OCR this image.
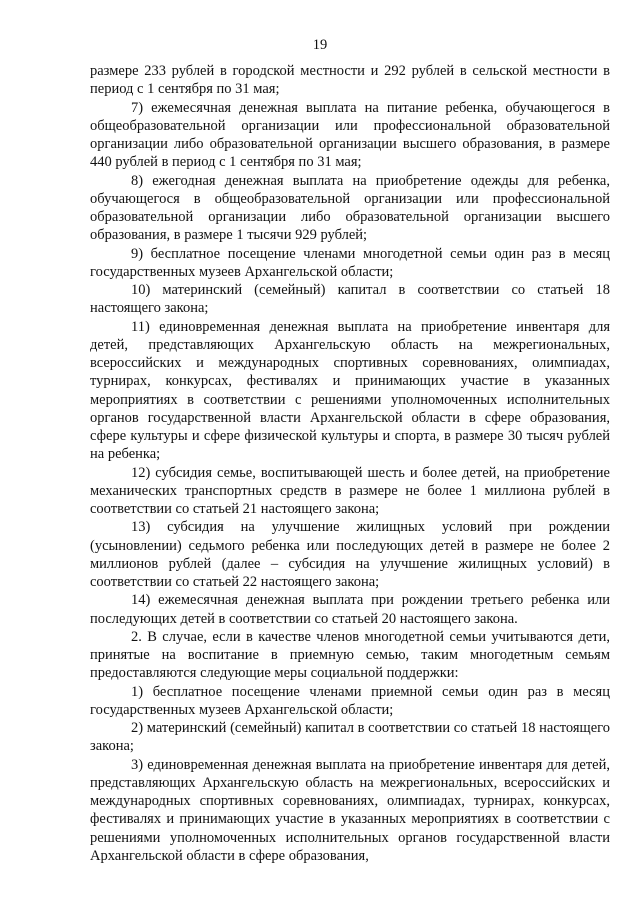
19

размере 233 рублей в городской местности и 292 рублей в сельской местности в период с 1 сентября по 31 мая;

7) ежемесячная денежная выплата на питание ребенка, обучающегося в общеобразовательной организации или профессиональной образовательной организации либо образовательной организации высшего образования, в размере 440 рублей в период с 1 сентября по 31 мая;

8) ежегодная денежная выплата на приобретение одежды для ребенка, обучающегося в общеобразовательной организации или профессиональной образовательной организации либо образовательной организации высшего образования, в размере 1 тысячи 929 рублей;

9) бесплатное посещение членами многодетной семьи один раз в месяц государственных музеев Архангельской области;

10) материнский (семейный) капитал в соответствии со статьей 18 настоящего закона;

11) единовременная денежная выплата на приобретение инвентаря для детей, представляющих Архангельскую область на межрегиональных, всероссийских и международных спортивных соревнованиях, олимпиадах, турнирах, конкурсах, фестивалях и принимающих участие в указанных мероприятиях в соответствии с решениями уполномоченных исполнительных органов государственной власти Архангельской области в сфере образования, сфере культуры и сфере физической культуры и спорта, в размере 30 тысяч рублей на ребенка;

12) субсидия семье, воспитывающей шесть и более детей, на приобретение механических транспортных средств в размере не более 1 миллиона рублей в соответствии со статьей 21 настоящего закона;

13) субсидия на улучшение жилищных условий при рождении (усыновлении) седьмого ребенка или последующих детей в размере не более 2 миллионов рублей (далее – субсидия на улучшение жилищных условий) в соответствии со статьей 22 настоящего закона;

14) ежемесячная денежная выплата при рождении третьего ребенка или последующих детей в соответствии со статьей 20 настоящего закона.

2. В случае, если в качестве членов многодетной семьи учитываются дети, принятые на воспитание в приемную семью, таким многодетным семьям предоставляются следующие меры социальной поддержки:

1) бесплатное посещение членами приемной семьи один раз в месяц государственных музеев Архангельской области;

2) материнский (семейный) капитал в соответствии со статьей 18 настоящего закона;

3) единовременная денежная выплата на приобретение инвентаря для детей, представляющих Архангельскую область на межрегиональных, всероссийских и международных спортивных соревнованиях, олимпиадах, турнирах, конкурсах, фестивалях и принимающих участие в указанных мероприятиях в соответствии с решениями уполномоченных исполнительных органов государственной власти Архангельской области в сфере образования,
